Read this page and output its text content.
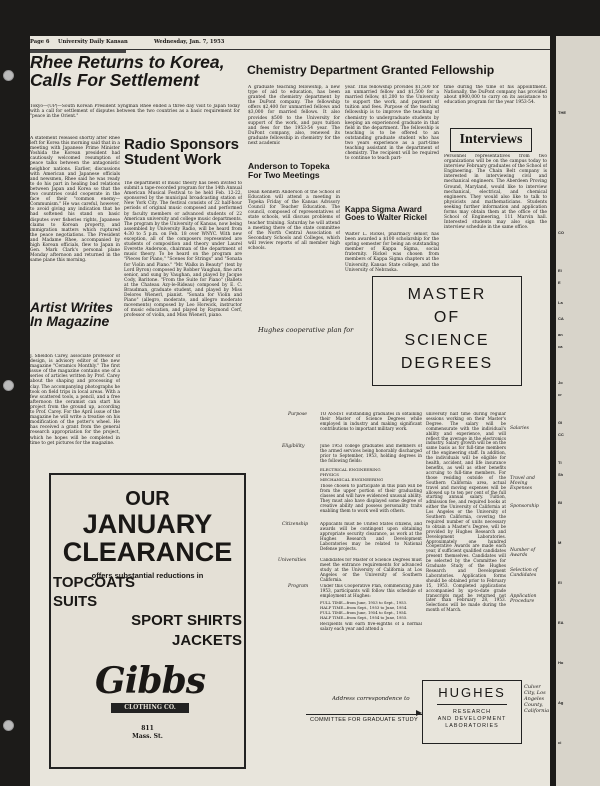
Page 6 University Daily Kansan	Wednesday, Jan. 7, 1953
Rhee Returns to Korea, Calls For Settlement
Tokyo—(UP)—South Korean President Syngman Rhee ended a three day visit to Japan today with a call for settlement of disputes between the two countries as a basic requirement for "peace in the Orient."
A statement released shortly after Rhee left for Korea this morning said that in a meeting with Japanese Prime Minister Yoshida the Korean president had cautiously welcomed resumption of peace talks between the antagonistic neighbor nations. Earlier, discussions with American and Japanese officials and newsmen, Rhee said he was ready to do his part in healing bad relations between Japan and Korea so that the two countries could cooperate in the face of their "common enemy—Communism." He was careful, however, to avoid giving any indication that he had softened his stand on basic disputes over fisheries rights, Japanese claims to Korean property, and immigration matters which ruptured the peace negotiations. The President and Madame Rhee, accompanied by high Korean officials, flew to Japan in Gen. Mark Clark's personal plane Monday afternoon and returned in the same plane this morning.
Artist Writes In Magazine
J. Sheldon Carey, associate professor of design, is advisory editor of the new magazine "Ceramics Monthly." The first issue of the magazine contains one of a series of articles written by Prof. Carey about the shaping and processing of clay. The accompanying photographs he took on field trips in local areas. With a few scattered tools, a pencil, and a free afternoon the ceramist can start his project from the ground up, according to Prof. Carey. For the April issue of the magazine he will write a treatise on his modification of the potter's wheel. He has received a grant from the general research appropriation for the project, which he hopes will be completed in time to get pictures for the magazine.
Radio Sponsors Student Work
The department of music theory has been invited to submit a tape-recorded program for the 14th Annual American Musical Festival to be held Feb. 12-22, sponsored by the municipal broadcasting station of New York City. The festival consists of 22 half-hour periods of original music composed and performed by faculty members or advanced students of 22 American university and college music departments. The program by the University of Kansas, now being assembled by University Radio, will be heard from 4:30 to 5 p.m. on Feb. 18 over WNYC. With new exception, all of the composers represented are students of composition and theory under Laurel Everette Anderson, chairman of the department of music theory. To be heard on the program are "Pieces for Piano," "Scenes for Strings" and "Sonata for Violin and Piano." "Mr. Walks in Beauty" (text by Lord Byron) composed by Robber Vaughan, fine arts senior, and sung by Vaughan, and played by Jacque Cody, Baritone. "From the Suite for Piano" (Ballets at the Chateau Azy-le-Rideau) composed by E. C. Braudman, graduate student, and played by Miss Delores Wienerl, pianist. "Sonata for Violin and Piano" (allegro, moderato, and allegro moderato movements) composed by Leo Horwick, instructor of music education, and played by Raymond Cerf, professor of violin, and Miss Wienerl, piano.
OUR
JANUARY
CLEARANCE
offers substantial reductions in
TOPCOATS
SUITS
SPORT SHIRTS
JACKETS
Gibbs
CLOTHING CO.
811
Mass. St.
Chemistry Department Granted Fellowship
A graduate teaching fellowship, a new type of aid to education, has been granted the chemistry department by the DuPont company. The fellowship offers $2,400 for unmarried fellows and $3,000 for married fellows. It also provides $500 to the University for support of the work, and pays tuition and fees for the 1953-54 year. The DuPont company, also, renewed its graduate fellowship in chemistry for the next academic
year. This fellowship provides $1,500 for an unmarried fellow and $1,500 for a married fellow, $1,200 to the University to support the work, and payment of tuition and fees. Purpose of the teaching fellowship is to improve the teaching of chemistry to undergraduate students by keeping an experienced graduate in that field in the department. The fellowship is teaching is to be offered to an outstanding graduate student who has two years experience as a part-time teaching assistant in the department of chemistry. The recipient will be required to continue to teach part-
time during the time of his appointment. Nationally, the DuPont company has provided about $900,000 to carry on its assistance to education program for the year 1953-54.
Anderson to Topeka For Two Meetings
Dean Kenneth Anderson of the School of Education will attend a meeting in Topeka Friday of the Kansas Advisory Council for Teacher Education. The council, composed of representatives of state schools, will discuss problems of teacher training. Saturday he will attend a meeting there of the state committee of the North Central Association of Secondary Schools and Colleges, which will review reports of all member high schools.
Kappa Sigma Award Goes to Walter Rickel
Walter L. Rickel, pharmacy senior, has been awarded a $100 scholarship for the spring semester for being an outstanding member of Kappa Sigma, social fraternity. Rickel was chosen from members of Kappa Sigma chapters at the University, Kansas State college, and the University of Nebraska.
Interviews
Personnel representatives from two organizations will be on the campus today to interview February graduates of the School of Engineering. The Chain Belt company is interested in interviewing civil and mechanical engineers. The Aberdeen Proving Ground, Maryland, would like to interview mechanical, electrical, and chemical engineers. They would also like to talk to physicists and mathematicians. Students seeking further information and application forms may obtain them at the office of the School of Engineering, 111 Marvin hall. Interested students may also sign the interview schedule in the same office.
Hughes cooperative plan for
MASTER
OF
SCIENCE
DEGREES
Purpose	TO ASSIST outstanding graduates in obtaining their Master of Science Degrees while employed in industry and making significant contributions to important military work.
Eligibility	June 1953 college graduates and members of the armed services being honorably discharged prior to September, 1953, holding degrees in the following fields:
ELECTRICAL ENGINEERING
PHYSICS
MECHANICAL ENGINEERING
Those chosen to participate in this plan will be from the upper portion of their graduating classes and will have evidenced unusual ability. They must also have displayed some degree of creative ability and possess personality traits enabling them to work well with others.
Citizenship	Applicants must be United States citizens, and awards will be contingent upon obtaining appropriate security clearance, as work at the Hughes Research and Development Laboratories may be related to National Defense projects.
Universities	Candidates for Master of Science Degrees must meet the entrance requirements for advanced study at the University of California at Los Angeles or the University of Southern California.
Program	Under this Cooperative Plan, commencing June 1953, participants will follow this schedule of employment at Hughes:
FULL TIME—from June, 1953 to Sept., 1953.
HALF TIME—from Sept., 1953 to June, 1954.
FULL TIME—from June, 1954 to Sept., 1954.
HALF TIME—from Sept., 1954 to June, 1955.
Recipients will earn five-eighths of a normal salary each year and attend a
university half time during regular sessions working on their Master's Degree. The salary will be commensurate with the individual's ability and experience, and will reflect the average in the electronics industry. Salary growth will be on the same basis as for full-time members of the engineering staff. In addition, the individuals will be eligible for health, accident, and life insurance benefits, as well as other benefits accruing to full-time members. For those residing outside of the Southern California area, actual travel and moving expenses will be allowed up to ten per cent of the full starting annual salary. Tuition, admission fee, and required books at either the University of California at Los Angeles or the University of Southern California, covering the required number of units necessary to obtain a Master's Degree, will be provided by Hughes Research and Development Laboratories. Approximately one hundred Cooperative Awards are made each year, if sufficient qualified candidates present themselves. Candidates will be selected by the Committee for Graduate Study of the Hughes Research and Development Laboratories. Application forms should be obtained prior to February 15, 1953. Completed applications accompanied by up-to-date grade transcripts must be returned not later than February 28, 1953. Selections will be made during the month of March.
Salaries
Travel and Moving Expenses
Sponsorship
Number of Awards
Selection of Candidates
Application Procedure
Address correspondence to
COMMITTEE FOR GRADUATE STUDY
HUGHES
RESEARCH
AND DEVELOPMENT
LABORATORIES
Culver City, Los Angeles County, California
THE
CO
El
E
La
CA
an
ca
Jo
cr
GI
CC
TI
Sh
BI
M
El
EA
Ho
Ag
ci
